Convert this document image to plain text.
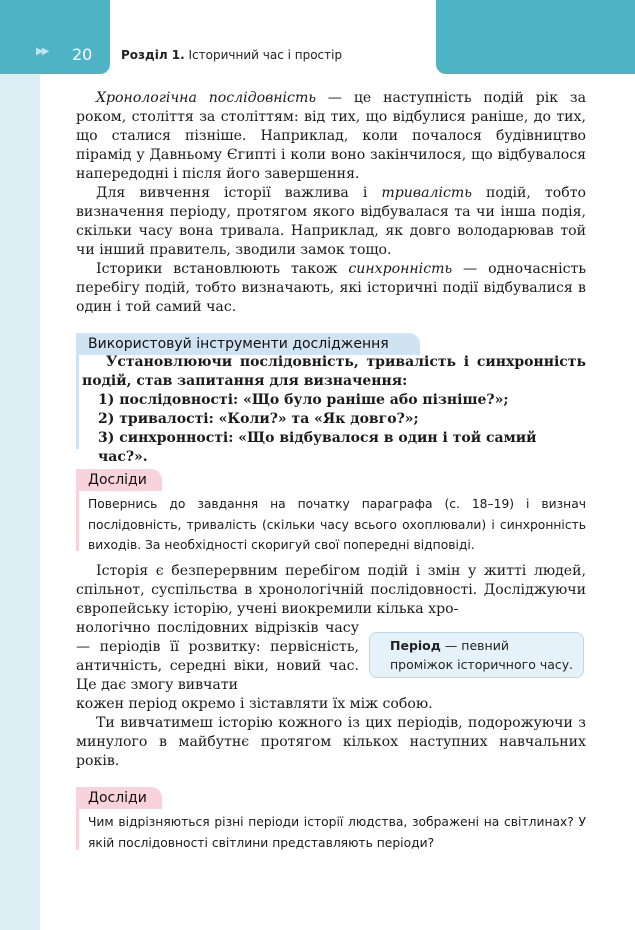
▶▶ 20 Розділ 1. Історичний час і простір

Хронологічна послідовність — це наступність подій рік за роком, століття за століттям: від тих, що відбулися раніше, до тих, що сталися пізніше. Наприклад, коли почалося будівництво пірамід у Давньому Єгипті і коли воно закінчилося, що відбувалося напередодні і після його завершення.

Для вивчення історії важлива і тривалість подій, тобто визначення періоду, протягом якого відбувалася та чи інша подія, скільки часу вона тривала. Наприклад, як довго володарював той чи інший правитель, зводили замок тощо.

Історики встановлюють також синхронність — одночасність перебігу подій, тобто визначають, які історичні події відбувалися в один і той самий час.

Використовуй інструменти дослідження

Установлюючи послідовність, тривалість і синхронність подій, став запитання для визначення:

1) послідовності: «Що було раніше або пізніше?»;

2) тривалості: «Коли?» та «Як довго?»;

3) синхронності: «Що відбувалося в один і той самий час?».

Досліди

Повернись до завдання на початку параграфа (с. 18–19) і визнач послідовність, тривалість (скільки часу всього охоплювали) і синхронність виходів. За необхідності скоригуй свої попередні відповіді.

Історія є безперервним перебігом подій і змін у житті людей, спільнот, суспільства в хронологічній послідовності. Досліджуючи європейську історію, учені виокремили кілька хро-

нологічно послідовних відрізків часу — періодів її розвитку: первісність, античність, середні віки, новий час. Це дає змогу вивчати

кожен період окремо і зіставляти їх між собою.

Ти вивчатимеш історію кожного із цих періодів, подорожуючи з минулого в майбутнє протягом кількох наступних навчальних років.

Період — певний проміжок історичного часу.
Досліди

Чим відрізняються різні періоди історії людства, зображені на світлинах? У якій послідовності світлини представляють періоди?
